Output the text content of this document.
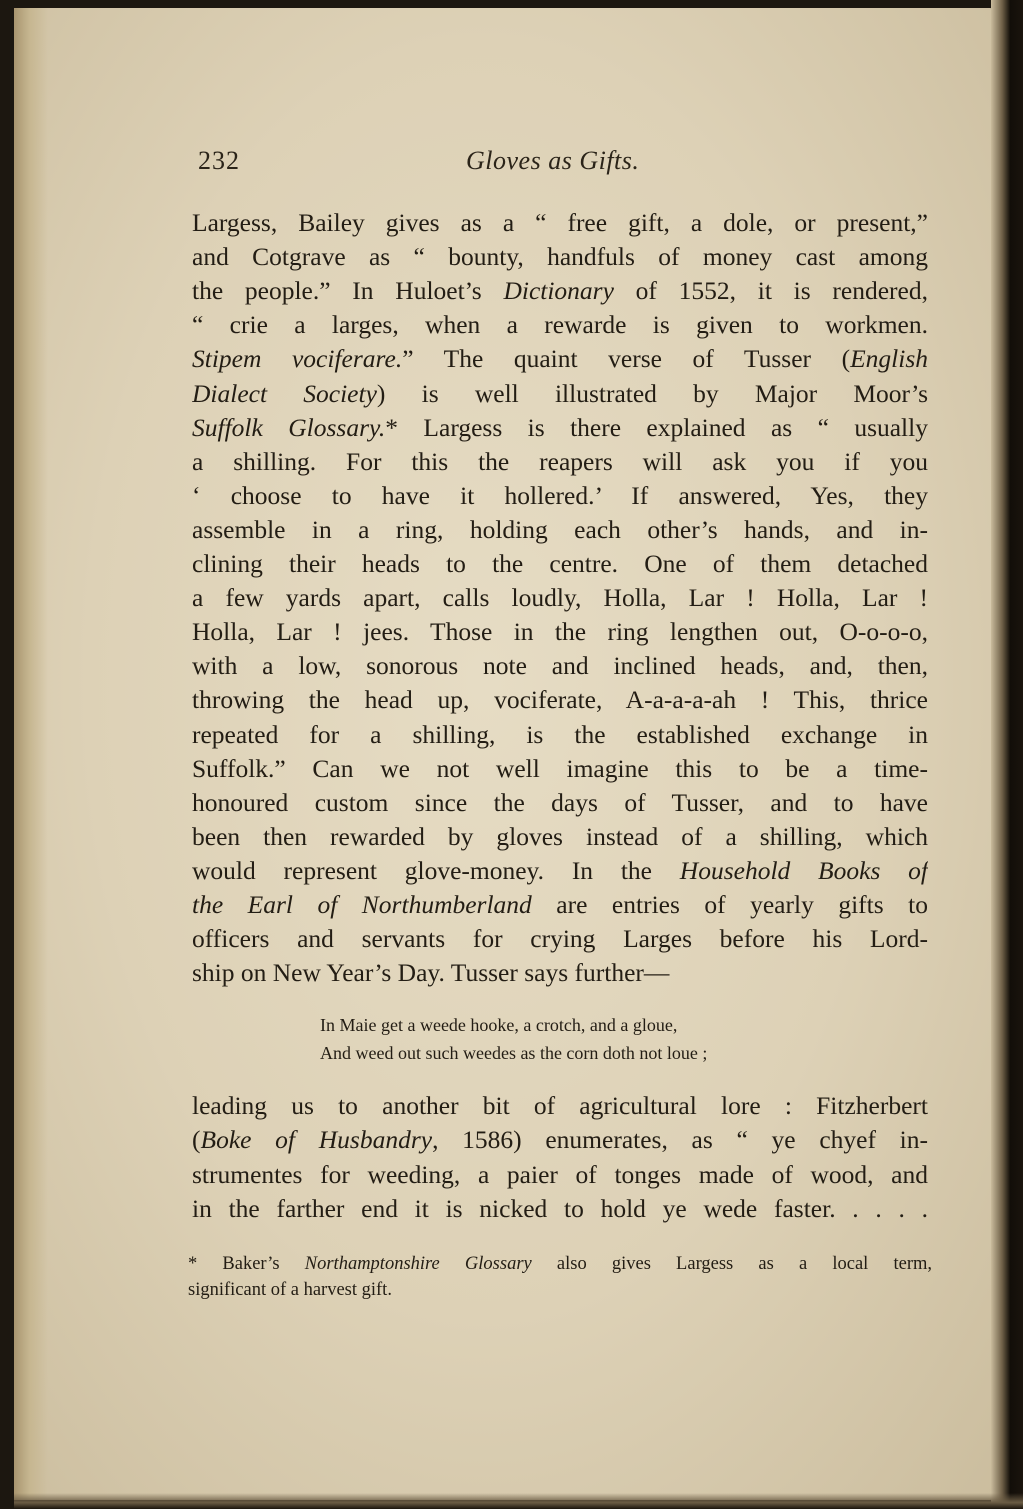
232	Gloves as Gifts.
Largess, Bailey gives as a “ free gift, a dole, or present,”
and Cotgrave as “ bounty, handfuls of money cast among
the people.” In Huloet’s Dictionary of 1552, it is rendered,
“ crie a larges, when a rewarde is given to workmen.
Stipem vociferare.” The quaint verse of Tusser (English
Dialect Society) is well illustrated by Major Moor’s
Suffolk Glossary.* Largess is there explained as “ usually
a shilling. For this the reapers will ask you if you
‘ choose to have it hollered.’ If answered, Yes, they
assemble in a ring, holding each other’s hands, and in-
clining their heads to the centre. One of them detached
a few yards apart, calls loudly, Holla, Lar ! Holla, Lar !
Holla, Lar ! jees. Those in the ring lengthen out, O-o-o-o,
with a low, sonorous note and inclined heads, and, then,
throwing the head up, vociferate, A-a-a-a-ah ! This, thrice
repeated for a shilling, is the established exchange in
Suffolk.” Can we not well imagine this to be a time-
honoured custom since the days of Tusser, and to have
been then rewarded by gloves instead of a shilling, which
would represent glove-money. In the Household Books of
the Earl of Northumberland are entries of yearly gifts to
officers and servants for crying Larges before his Lord-
ship on New Year’s Day. Tusser says further—
In Maie get a weede hooke, a crotch, and a gloue,
And weed out such weedes as the corn doth not loue ;
leading us to another bit of agricultural lore : Fitzherbert
(Boke of Husbandry, 1586) enumerates, as “ ye chyef in-
strumentes for weeding, a paier of tonges made of wood, and
in the farther end it is nicked to hold ye wede faster. . . . .
* Baker’s Northamptonshire Glossary also gives Largess as a local term,
significant of a harvest gift.
